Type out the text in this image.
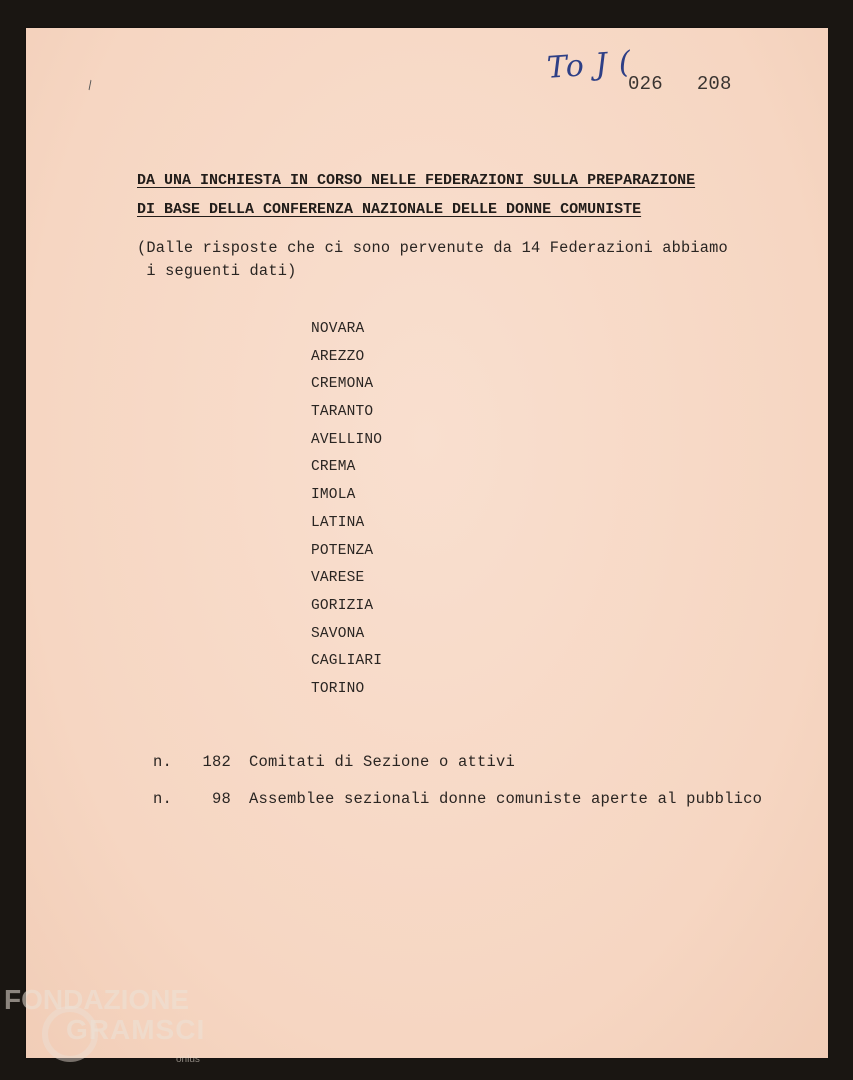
\
To J (
026 208
DA UNA INCHIESTA IN CORSO NELLE FEDERAZIONI SULLA PREPARAZIONE
DI BASE DELLA CONFERENZA NAZIONALE DELLE DONNE COMUNISTE
(Dalle risposte che ci sono pervenute da 14 Federazioni abbiamo
i seguenti dati)
NOVARA
AREZZO
CREMONA
TARANTO
AVELLINO
CREMA
IMOLA
LATINA
POTENZA
VARESE
GORIZIA
SAVONA
CAGLIARI
TORINO
n. 182 Comitati di Sezione o attivi
n.	98 Assemblee sezionali donne comuniste aperte al pubblico
FONDAZIONE
GRAMSCI
onlus
